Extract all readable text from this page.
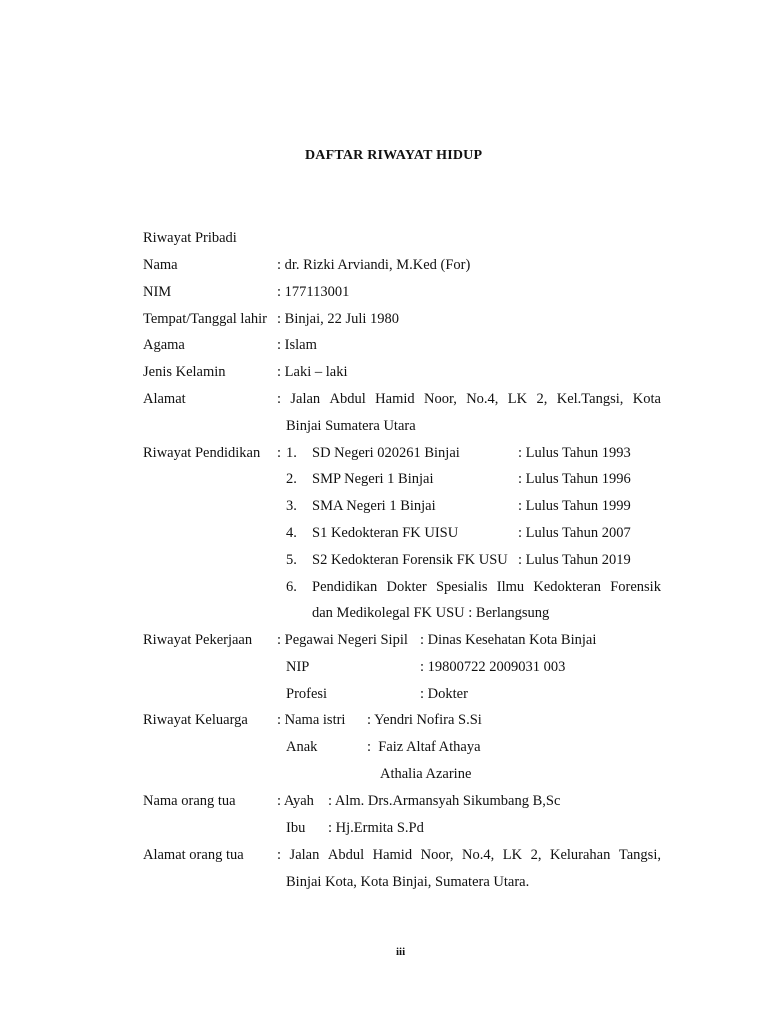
DAFTAR RIWAYAT HIDUP
Riwayat Pribadi
Nama	: dr. Rizki Arviandi, M.Ked (For)
NIM	: 177113001
Tempat/Tanggal lahir : Binjai, 22 Juli 1980
Agama	: Islam
Jenis Kelamin	: Laki – laki
Alamat	: Jalan Abdul Hamid Noor, No.4, LK 2, Kel.Tangsi, Kota
Binjai Sumatera Utara
Riwayat Pendidikan : 1. SD Negeri 020261 Binjai	: Lulus Tahun 1993
2. SMP Negeri 1 Binjai	: Lulus Tahun 1996
3. SMA Negeri 1 Binjai	: Lulus Tahun 1999
4. S1 Kedokteran FK UISU	: Lulus Tahun 2007
5. S2 Kedokteran Forensik FK USU : Lulus Tahun 2019
6. Pendidikan Dokter Spesialis Ilmu Kedokteran Forensik
dan Medikolegal FK USU : Berlangsung
Riwayat Pekerjaan : Pegawai Negeri Sipil : Dinas Kesehatan Kota Binjai
NIP	: 19800722 2009031 003
Profesi	: Dokter
Riwayat Keluarga : Nama istri : Yendri Nofira S.Si
Anak	:  Faiz Altaf Athaya
Athalia Azarine
Nama orang tua	: Ayah : Alm. Drs.Armansyah Sikumbang B,Sc
Ibu : Hj.Ermita S.Pd
Alamat orang tua : Jalan Abdul Hamid Noor, No.4, LK 2, Kelurahan Tangsi,
Binjai Kota, Kota Binjai, Sumatera Utara.
iii
